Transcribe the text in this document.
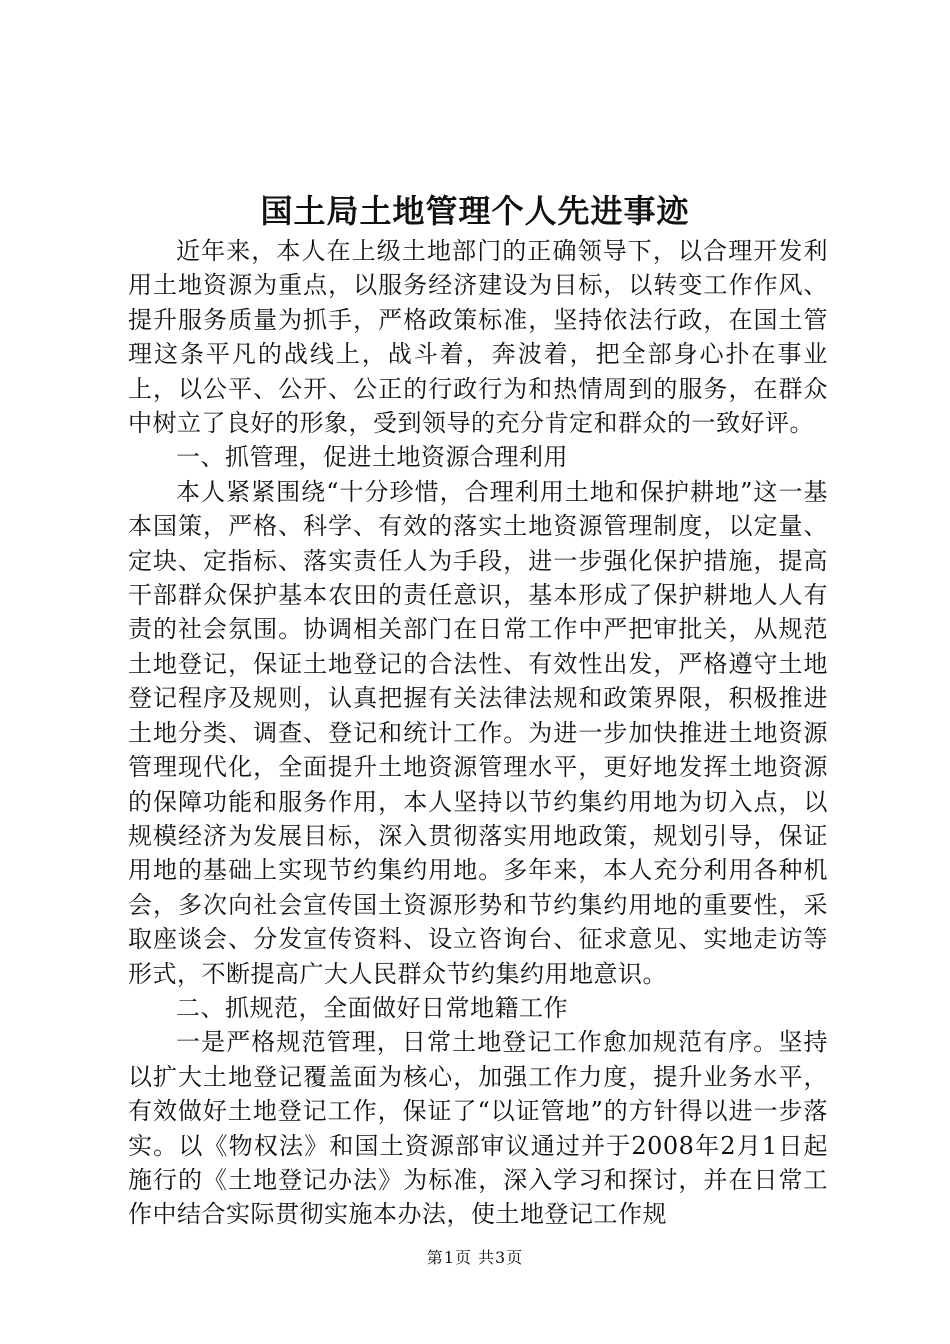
国土局土地管理个人先进事迹

近年来，本人在上级土地部门的正确领导下，以合理开发利用土地资源为重点，以服务经济建设为目标，以转变工作作风、提升服务质量为抓手，严格政策标准，坚持依法行政，在国土管理这条平凡的战线上，战斗着，奔波着，把全部身心扑在事业上，以公平、公开、公正的行政行为和热情周到的服务，在群众中树立了良好的形象，受到领导的充分肯定和群众的一致好评。

一、抓管理，促进土地资源合理利用

本人紧紧围绕“十分珍惜，合理利用土地和保护耕地”这一基本国策，严格、科学、有效的落实土地资源管理制度，以定量、定块、定指标、落实责任人为手段，进一步强化保护措施，提高干部群众保护基本农田的责任意识，基本形成了保护耕地人人有责的社会氛围。协调相关部门在日常工作中严把审批关，从规范土地登记，保证土地登记的合法性、有效性出发，严格遵守土地登记程序及规则，认真把握有关法律法规和政策界限，积极推进土地分类、调查、登记和统计工作。为进一步加快推进土地资源管理现代化，全面提升土地资源管理水平，更好地发挥土地资源的保障功能和服务作用，本人坚持以节约集约用地为切入点，以规模经济为发展目标，深入贯彻落实用地政策，规划引导，保证用地的基础上实现节约集约用地。多年来，本人充分利用各种机会，多次向社会宣传国土资源形势和节约集约用地的重要性，采取座谈会、分发宣传资料、设立咨询台、征求意见、实地走访等形式，不断提高广大人民群众节约集约用地意识。

二、抓规范，全面做好日常地籍工作

一是严格规范管理，日常土地登记工作愈加规范有序。坚持以扩大土地登记覆盖面为核心，加强工作力度，提升业务水平，有效做好土地登记工作，保证了“以证管地”的方针得以进一步落实。以《物权法》和国土资源部审议通过并于2008年2月1日起施行的《土地登记办法》为标准，深入学习和探讨，并在日常工作中结合实际贯彻实施本办法，使土地登记工作规

第1页 共3页
